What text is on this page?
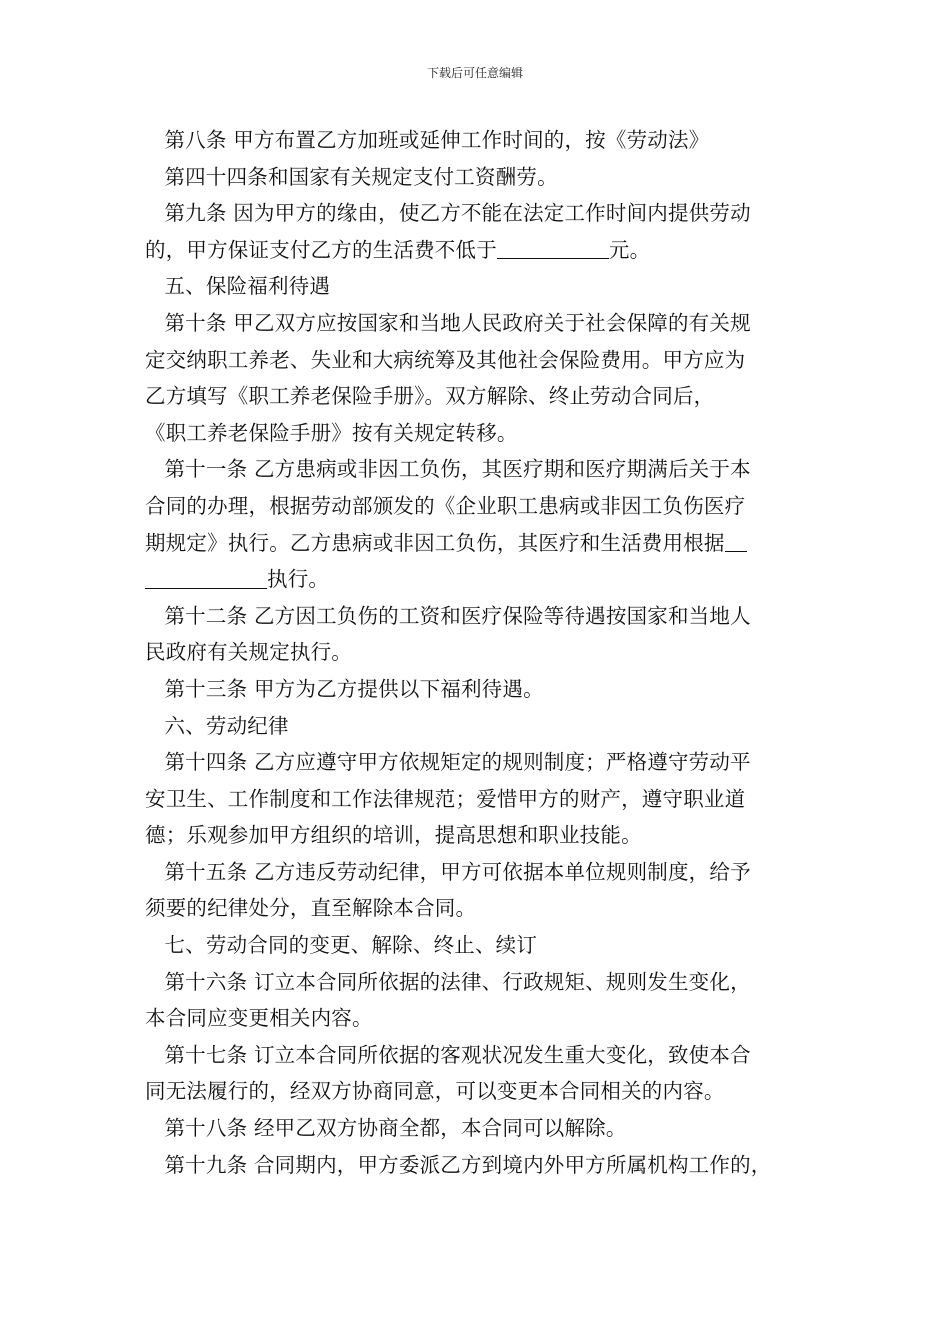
下载后可任意编辑
第八条 甲方布置乙方加班或延伸工作时间的，按《劳动法》
第四十四条和国家有关规定支付工资酬劳。
第九条 因为甲方的缘由，使乙方不能在法定工作时间内提供劳动
的，甲方保证支付乙方的生活费不低于	元。
五、保险福利待遇
第十条 甲乙双方应按国家和当地人民政府关于社会保障的有关规
定交纳职工养老、失业和大病统筹及其他社会保险费用。甲方应为
乙方填写《职工养老保险手册》。双方解除、终止劳动合同后，
《职工养老保险手册》按有关规定转移。
第十一条 乙方患病或非因工负伤，其医疗期和医疗期满后关于本
合同的办理，根据劳动部颁发的《企业职工患病或非因工负伤医疗
期规定》执行。乙方患病或非因工负伤，其医疗和生活费用根据
执行。
第十二条 乙方因工负伤的工资和医疗保险等待遇按国家和当地人
民政府有关规定执行。
第十三条 甲方为乙方提供以下福利待遇。
六、劳动纪律
第十四条 乙方应遵守甲方依规矩定的规则制度；严格遵守劳动平
安卫生、工作制度和工作法律规范；爱惜甲方的财产，遵守职业道
德；乐观参加甲方组织的培训，提高思想和职业技能。
第十五条 乙方违反劳动纪律，甲方可依据本单位规则制度，给予
须要的纪律处分，直至解除本合同。
七、劳动合同的变更、解除、终止、续订
第十六条 订立本合同所依据的法律、行政规矩、规则发生变化，
本合同应变更相关内容。
第十七条 订立本合同所依据的客观状况发生重大变化，致使本合
同无法履行的，经双方协商同意，可以变更本合同相关的内容。
第十八条 经甲乙双方协商全都，本合同可以解除。
第十九条 合同期内，甲方委派乙方到境内外甲方所属机构工作的，
